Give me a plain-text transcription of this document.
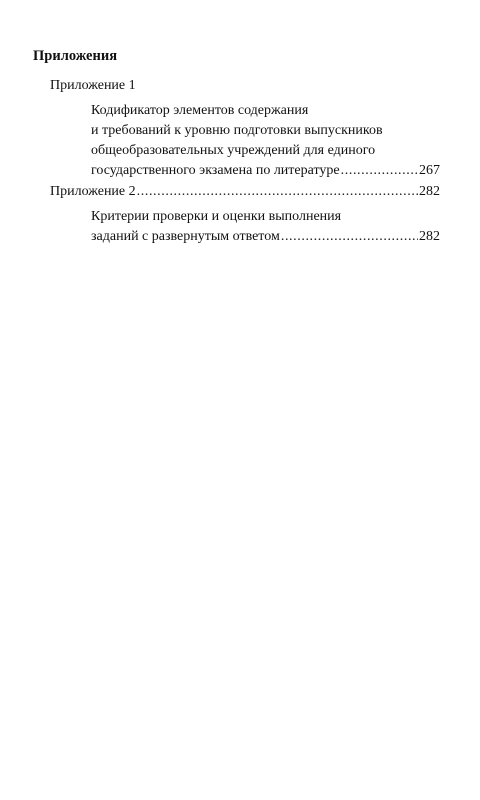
Приложения
Приложение 1
Кодификатор элементов содержания
и требований к уровню подготовки выпускников
общеобразовательных учреждений для единого
государственного экзамена по литературе .....	267
Приложение 2 .....	282
Критерии проверки и оценки выполнения
заданий с развернутым ответом .....	282
